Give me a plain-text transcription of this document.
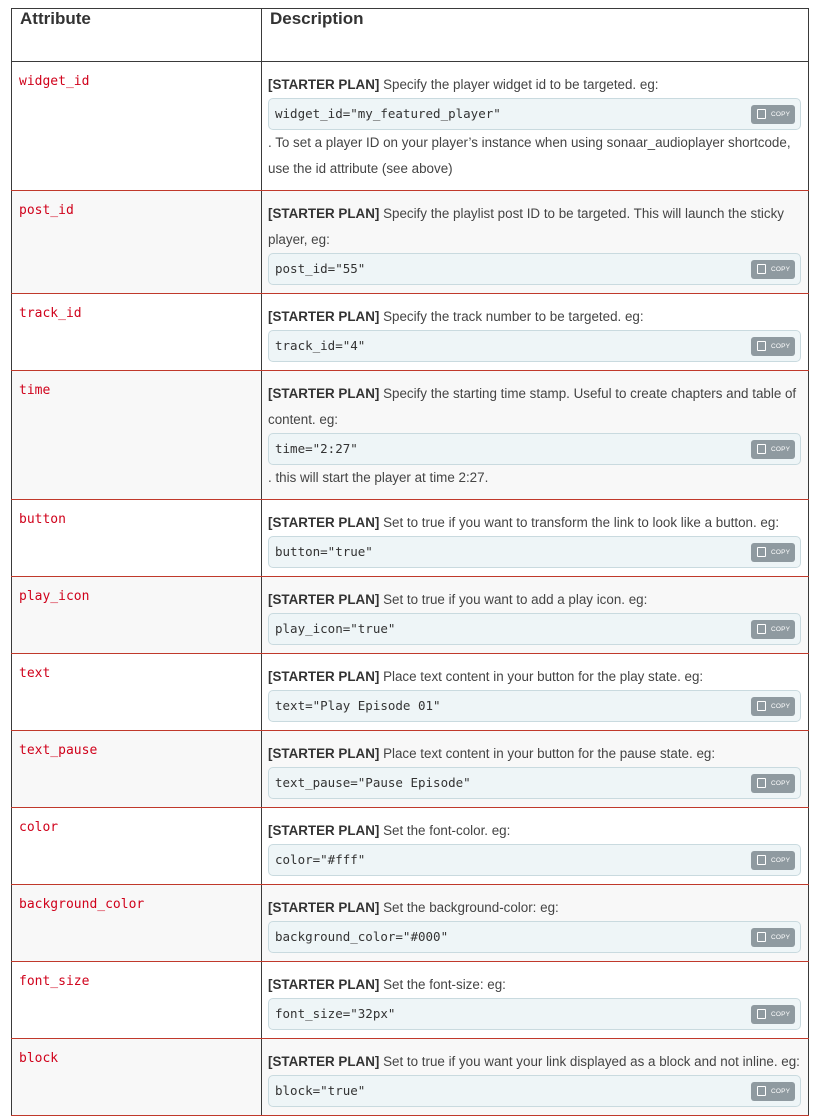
Attribute	Description
widget_id	[STARTER PLAN] Specify the player widget id to be targeted. eg:
widget_id="my_featured_player" COPY
. To set a player ID on your player’s instance when using sonaar_audioplayer shortcode, use the id attribute (see above)

post_id	[STARTER PLAN] Specify the playlist post ID to be targeted. This will launch the sticky player, eg:
post_id="55" COPY

track_id	[STARTER PLAN] Specify the track number to be targeted. eg:
track_id="4" COPY

time	[STARTER PLAN] Specify the starting time stamp. Useful to create chapters and table of content. eg:
time="2:27" COPY
. this will start the player at time 2:27.

button	[STARTER PLAN] Set to true if you want to transform the link to look like a button. eg:
button="true" COPY

play_icon	[STARTER PLAN] Set to true if you want to add a play icon. eg:
play_icon="true" COPY

text	[STARTER PLAN] Place text content in your button for the play state. eg:
text="Play Episode 01" COPY

text_pause	[STARTER PLAN] Place text content in your button for the pause state. eg:
text_pause="Pause Episode" COPY

color	[STARTER PLAN] Set the font-color. eg:
color="#fff" COPY

background_color	[STARTER PLAN] Set the background-color: eg:
background_color="#000" COPY

font_size	[STARTER PLAN] Set the font-size: eg:
font_size="32px" COPY

block	[STARTER PLAN] Set to true if you want your link displayed as a block and not inline. eg:
block="true" COPY
